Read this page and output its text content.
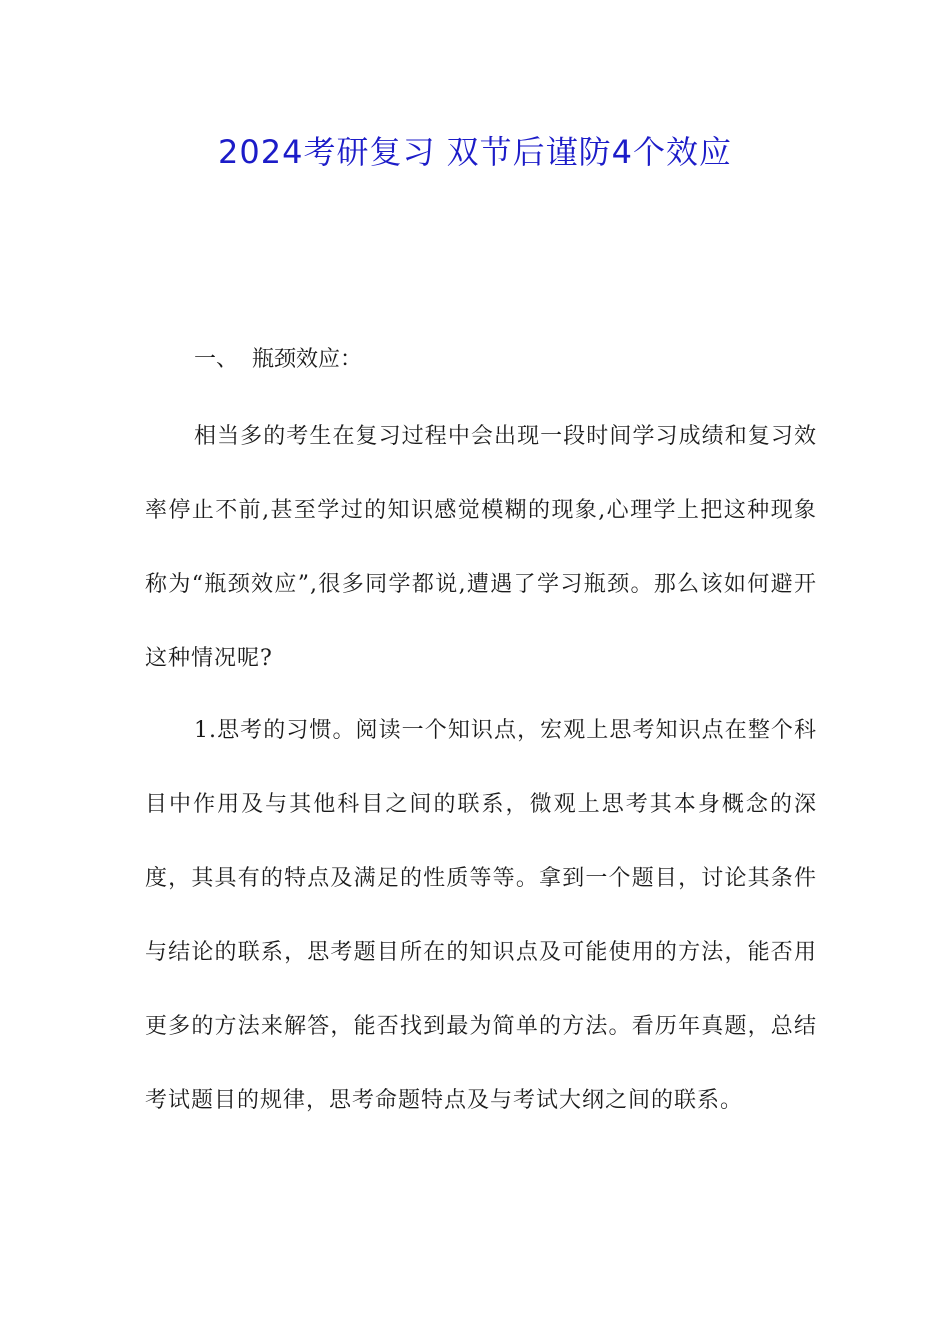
2024考研复习 双节后谨防4个效应
一、 瓶颈效应：

相当多的考生在复习过程中会出现一段时间学习成绩和复习效率停止不前,甚至学过的知识感觉模糊的现象,心理学上把这种现象称为“瓶颈效应”,很多同学都说,遭遇了学习瓶颈。那么该如何避开这种情况呢?

1.思考的习惯。阅读一个知识点，宏观上思考知识点在整个科目中作用及与其他科目之间的联系，微观上思考其本身概念的深度，其具有的特点及满足的性质等等。拿到一个题目，讨论其条件与结论的联系，思考题目所在的知识点及可能使用的方法，能否用更多的方法来解答，能否找到最为简单的方法。看历年真题，总结考试题目的规律，思考命题特点及与考试大纲之间的联系。
